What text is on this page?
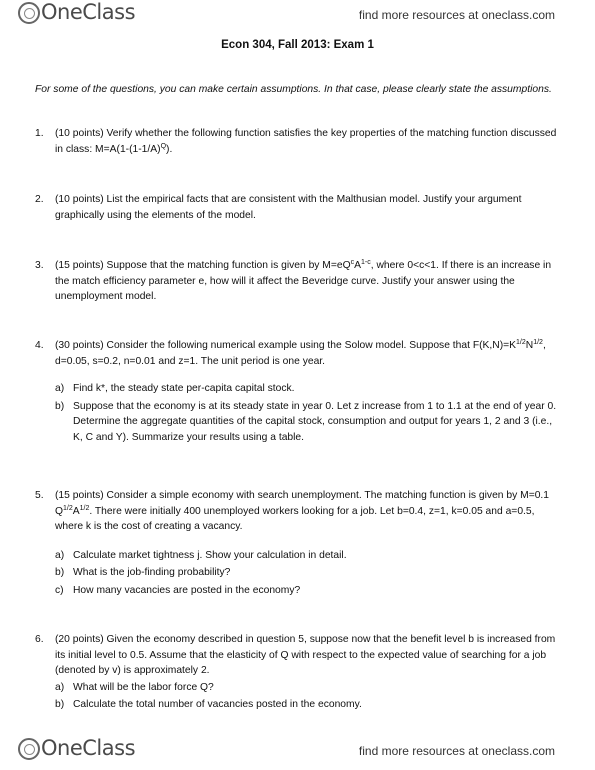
OneClass	find more resources at oneclass.com
Econ 304, Fall 2013: Exam 1
For some of the questions, you can make certain assumptions. In that case, please clearly state the assumptions.
1. (10 points) Verify whether the following function satisfies the key properties of the matching function discussed in class: $M=A(1-(1-1/A)^Q)$.
2. (10 points) List the empirical facts that are consistent with the Malthusian model. Justify your argument graphically using the elements of the model.
3. (15 points) Suppose that the matching function is given by $M=eQ^cA^{1-c}$, where 0<c<1. If there is an increase in the match efficiency parameter e, how will it affect the Beveridge curve. Justify your answer using the unemployment model.
4. (30 points) Consider the following numerical example using the Solow model. Suppose that $F(K,N)=K^{1/2}N^{1/2}$, d=0.05, s=0.2, n=0.01 and z=1. The unit period is one year.
a) Find k*, the steady state per-capita capital stock.
b) Suppose that the economy is at its steady state in year 0. Let z increase from 1 to 1.1 at the end of year 0. Determine the aggregate quantities of the capital stock, consumption and output for years 1, 2 and 3 (i.e., K, C and Y). Summarize your results using a table.
5. (15 points) Consider a simple economy with search unemployment. The matching function is given by M=0.1 $Q^{1/2}A^{1/2}$. There were initially 400 unemployed workers looking for a job. Let b=0.4, z=1, k=0.05 and a=0.5, where k is the cost of creating a vacancy.
a) Calculate market tightness j. Show your calculation in detail.
b) What is the job-finding probability?
c) How many vacancies are posted in the economy?
6. (20 points) Given the economy described in question 5, suppose now that the benefit level b is increased from its initial level to 0.5. Assume that the elasticity of Q with respect to the expected value of searching for a job (denoted by v) is approximately 2.
a) What will be the labor force Q?
b) Calculate the total number of vacancies posted in the economy.
OneClass	find more resources at oneclass.com
